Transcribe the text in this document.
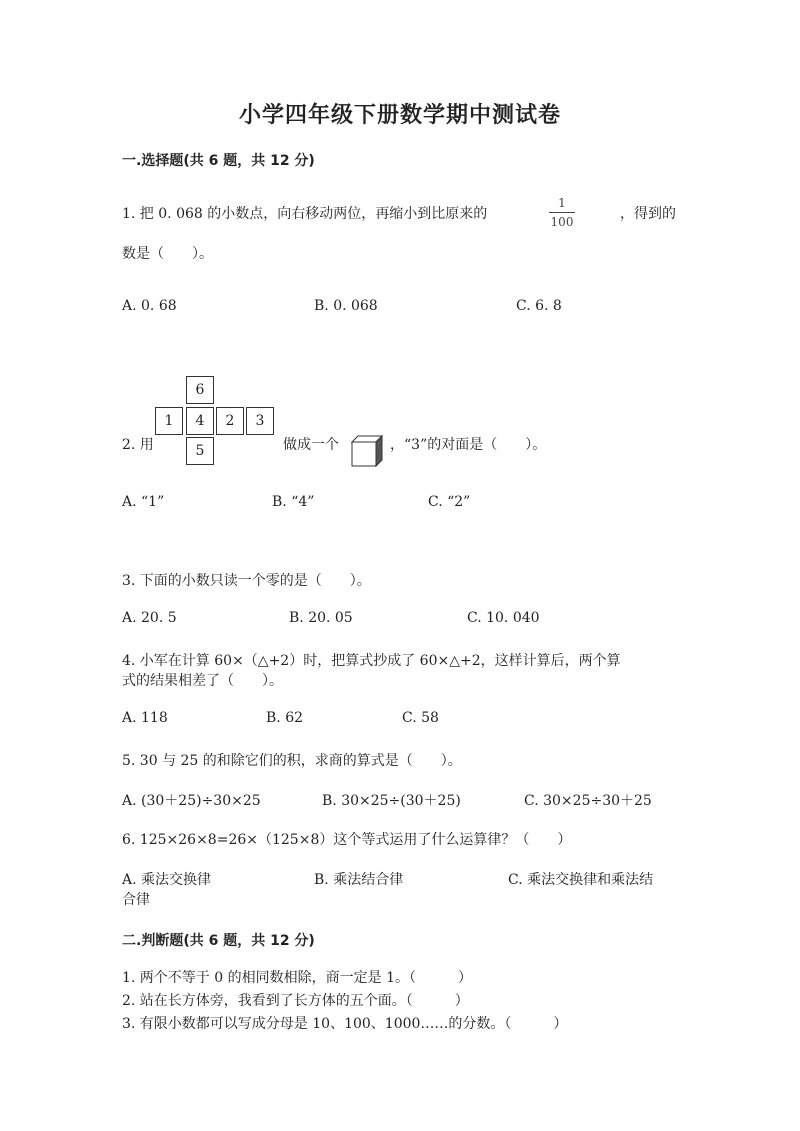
小学四年级下册数学期中测试卷
一.选择题(共 6 题，共 12 分)
1. 把 0. 068 的小数点，向右移动两位，再缩小到比原来的
1
100	，得到的
数是（　　）。
A. 0. 68	B. 0. 068	C. 6. 8
2. 用
6
1	4	2	3
5	做成一个	，“3”的对面是（　　）。
A. “1”	B. “4”	C. “2”
3. 下面的小数只读一个零的是（　　）。
A. 20. 5	B. 20. 05	C. 10. 040
4. 小军在计算 60×（△+2）时，把算式抄成了 60×△+2，这样计算后，两个算
式的结果相差了（　　）。
A. 118	B. 62	C. 58
5. 30 与 25 的和除它们的积，求商的算式是（　　）。
A. (30＋25)÷30×25	B. 30×25÷(30＋25)	C. 30×25÷30＋25
6. 125×26×8=26×（125×8）这个等式运用了什么运算律？（　　）
A. 乘法交换律	B. 乘法结合律	C. 乘法交换律和乘法结
合律
二.判断题(共 6 题，共 12 分)
1. 两个不等于 0 的相同数相除，商一定是 1。（　　　）
2. 站在长方体旁，我看到了长方体的五个面。（　　　）
3. 有限小数都可以写成分母是 10、100、1000……的分数。（　　　）
